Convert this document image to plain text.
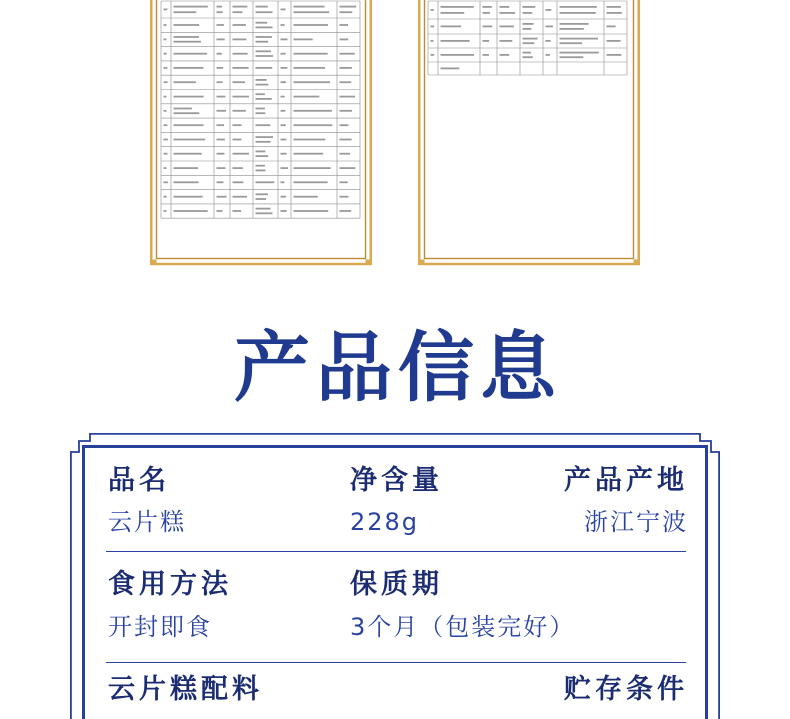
产品信息
品名	净含量	产品产地
云片糕	228g	浙江宁波
食用方法	保质期
开封即食	3个月（包装完好）
云片糕配料	贮存条件
